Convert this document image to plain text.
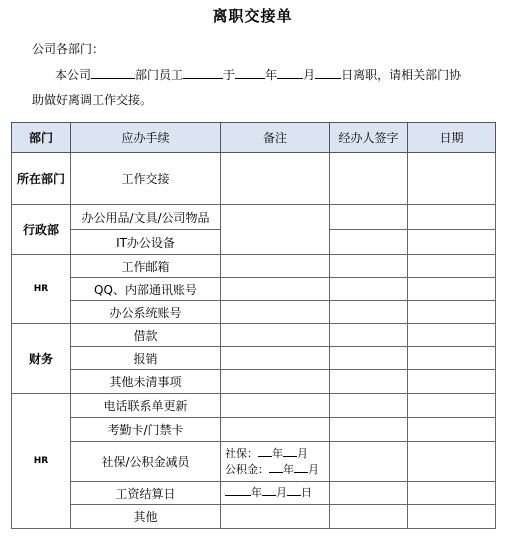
离职交接单
公司各部门：
本公司	部门员工	于	年 月 日离职，请相关部门协
助做好离调工作交接。
部门	应办手续	备注	经办人签字	日期
所在部门	工作交接			
行政部	办公用品/文具/公司物品			
	IT办公设备			
HR	工作邮箱			
	QQ、内部通讯账号			
	办公系统账号			
财务	借款			
	报销			
	其他未清事项			
HR	电话联系单更新			
	考勤卡/门禁卡			
	社保/公积金减员	社保： 年 月
公积金： 年 月		

	工资结算日	年 月 日		
	其他			
